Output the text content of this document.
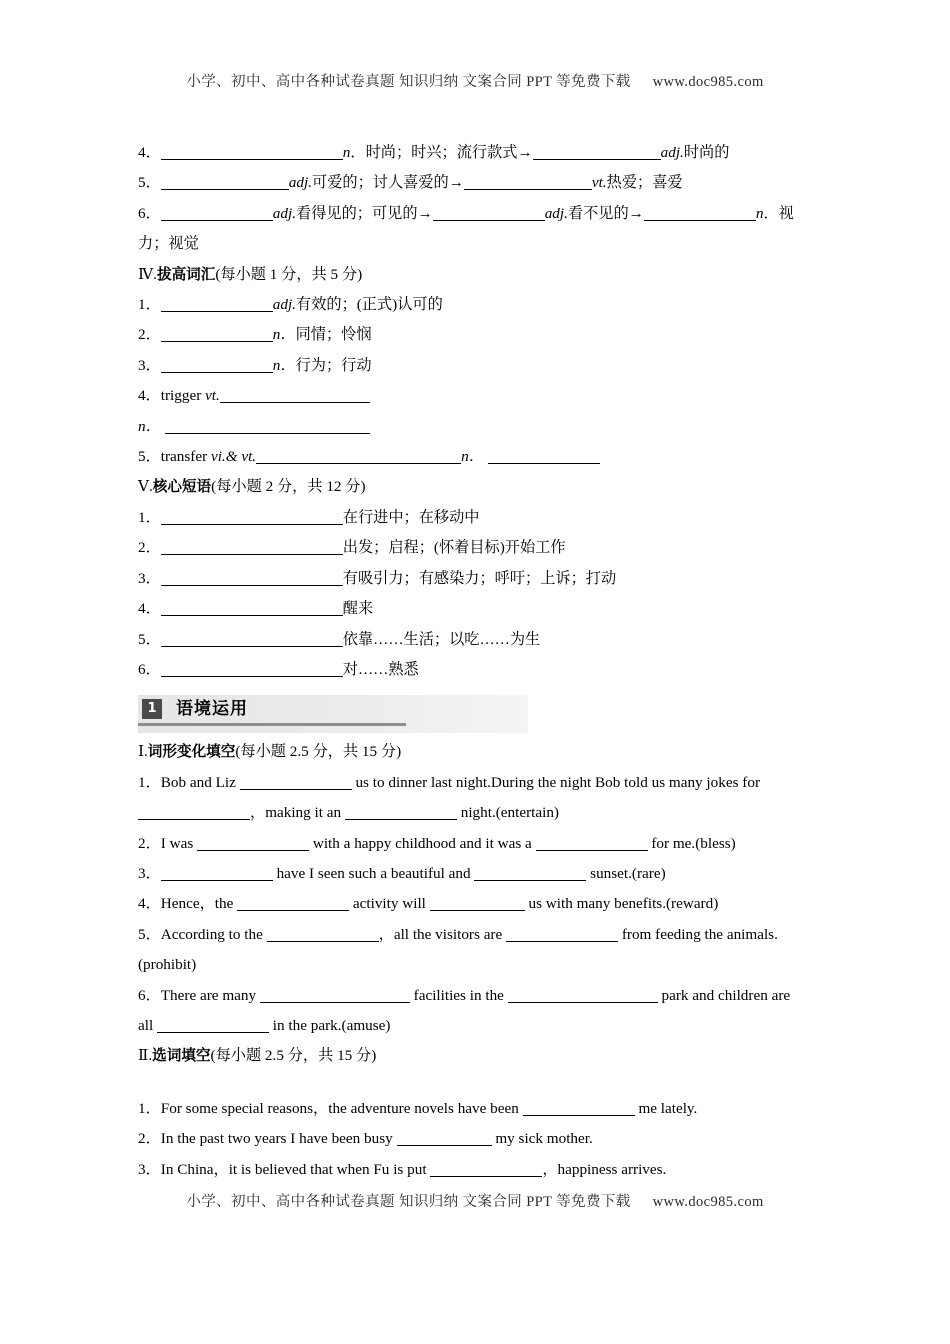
小学、初中、高中各种试卷真题 知识归纳 文案合同 PPT 等免费下载 www.doc985.com
4．	n．时尚；时兴；流行款式→	adj.时尚的
5．	adj.可爱的；讨人喜爱的→	vt.热爱；喜爱
6．	adj.看得见的；可见的→	adj.看不见的→	n．视
力；视觉
Ⅳ.拔高词汇(每小题 1 分，共 5 分)
1．	adj.有效的；(正式)认可的
2．	n．同情；怜悯
3．	n．行为；行动
4．trigger vt.
n．
5．transfer vi.& vt.	n．
Ⅴ.核心短语(每小题 2 分，共 12 分)
1．	在行进中；在移动中
2．	出发；启程；(怀着目标)开始工作
3．	有吸引力；有感染力；呼吁；上诉；打动
4．	醒来
5．	依靠……生活；以吃……为生
6．	对……熟悉
1	语境运用
Ⅰ.词形变化填空(每小题 2.5 分，共 15 分)
1．Bob and Liz	us to dinner last night.During the night Bob told us many jokes for
，making it an	night.(entertain)
2．I was	with a happy childhood and it was a	for me.(bless)
3．	have I seen such a beautiful and	sunset.(rare)
4．Hence，the	activity will	us with many benefits.(reward)
5．According to the	，all the visitors are	from feeding the animals.
(prohibit)
6．There are many	facilities in the	park and children are
all	in the park.(amuse)
Ⅱ.选词填空(每小题 2.5 分，共 15 分)
1．For some special reasons，the adventure novels have been	me lately.
2．In the past two years I have been busy	my sick mother.
3．In China，it is believed that when Fu is put	，happiness arrives.
小学、初中、高中各种试卷真题 知识归纳 文案合同 PPT 等免费下载 www.doc985.com
